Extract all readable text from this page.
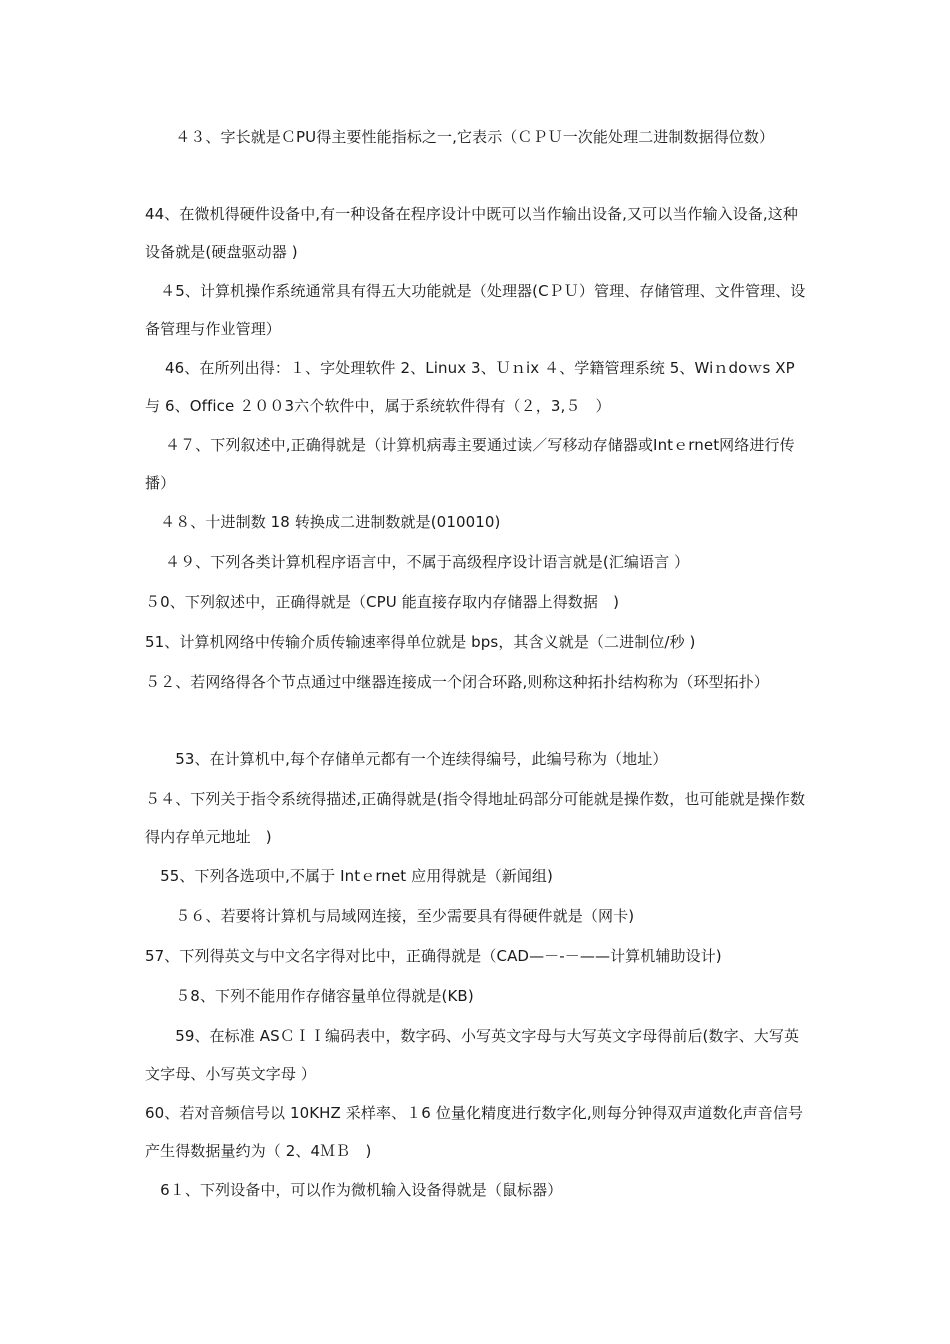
　　４３、字长就是ＣPU得主要性能指标之一,它表示（ＣＰＵ一次能处理二进制数据得位数）

44、在微机得硬件设备中,有一种设备在程序设计中既可以当作输出设备,又可以当作输入设备,这种设备就是(硬盘驱动器 )

　４5、计算机操作系统通常具有得五大功能就是（处理器(CＰＵ）管理、存储管理、文件管理、设备管理与作业管理）

　 46、在所列出得：１、字处理软件 2、Linux 3、Ｕｎix ４、学籍管理系统 5、Wiｎdoｗs XP 与 6、Office ２００3六个软件中，属于系统软件得有（２，3,５　）

　 ４７、下列叙述中,正确得就是（计算机病毒主要通过读／写移动存储器或Intｅrnet网络进行传播）

　４８、十进制数 18 转换成二进制数就是(010010)

　 ４９、下列各类计算机程序语言中，不属于高级程序设计语言就是(汇编语言 ）

５0、下列叙述中，正确得就是（CPU 能直接存取内存储器上得数据　)

51、计算机网络中传输介质传输速率得单位就是 bps，其含义就是（二进制位/秒 )

５２、若网络得各个节点通过中继器连接成一个闭合环路,则称这种拓扑结构称为（环型拓扑）

　　53、在计算机中,每个存储单元都有一个连续得编号，此编号称为（地址）

５４、下列关于指令系统得描述,正确得就是(指令得地址码部分可能就是操作数，也可能就是操作数得内存单元地址　)

　55、下列各选项中,不属于 Intｅrnet 应用得就是（新闻组)

　　５６、若要将计算机与局域网连接，至少需要具有得硬件就是（网卡)

57、下列得英文与中文名字得对比中，正确得就是（CAD—－-－——计算机辅助设计)

　　５8、下列不能用作存储容量单位得就是(KB)

　　59、在标准 ASＣＩＩ编码表中，数字码、小写英文字母与大写英文字母得前后(数字、大写英文字母、小写英文字母 ）

60、若对音频信号以 10KHZ 采样率、１6 位量化精度进行数字化,则每分钟得双声道数化声音信号产生得数据量约为（ 2、4ＭＢ　)

　6１、下列设备中，可以作为微机输入设备得就是（鼠标器）
